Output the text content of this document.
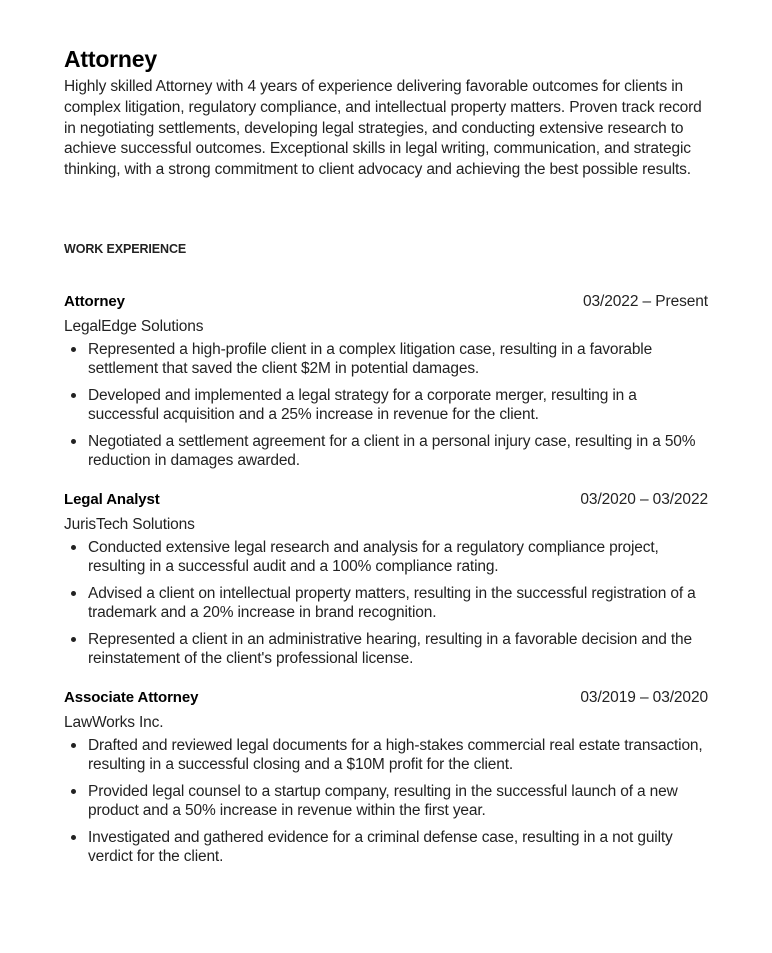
Attorney

Highly skilled Attorney with 4 years of experience delivering favorable outcomes for clients in complex litigation, regulatory compliance, and intellectual property matters. Proven track record in negotiating settlements, developing legal strategies, and conducting extensive research to achieve successful outcomes. Exceptional skills in legal writing, communication, and strategic thinking, with a strong commitment to client advocacy and achieving the best possible results.

WORK EXPERIENCE
Attorney	03/2022 – Present
LegalEdge Solutions
Represented a high-profile client in a complex litigation case, resulting in a favorable settlement that saved the client $2M in potential damages.
Developed and implemented a legal strategy for a corporate merger, resulting in a successful acquisition and a 25% increase in revenue for the client.
Negotiated a settlement agreement for a client in a personal injury case, resulting in a 50% reduction in damages awarded.
Legal Analyst	03/2020 – 03/2022
JurisTech Solutions
Conducted extensive legal research and analysis for a regulatory compliance project, resulting in a successful audit and a 100% compliance rating.
Advised a client on intellectual property matters, resulting in the successful registration of a trademark and a 20% increase in brand recognition.
Represented a client in an administrative hearing, resulting in a favorable decision and the reinstatement of the client's professional license.
Associate Attorney	03/2019 – 03/2020
LawWorks Inc.
Drafted and reviewed legal documents for a high-stakes commercial real estate transaction, resulting in a successful closing and a $10M profit for the client.
Provided legal counsel to a startup company, resulting in the successful launch of a new product and a 50% increase in revenue within the first year.
Investigated and gathered evidence for a criminal defense case, resulting in a not guilty verdict for the client.
